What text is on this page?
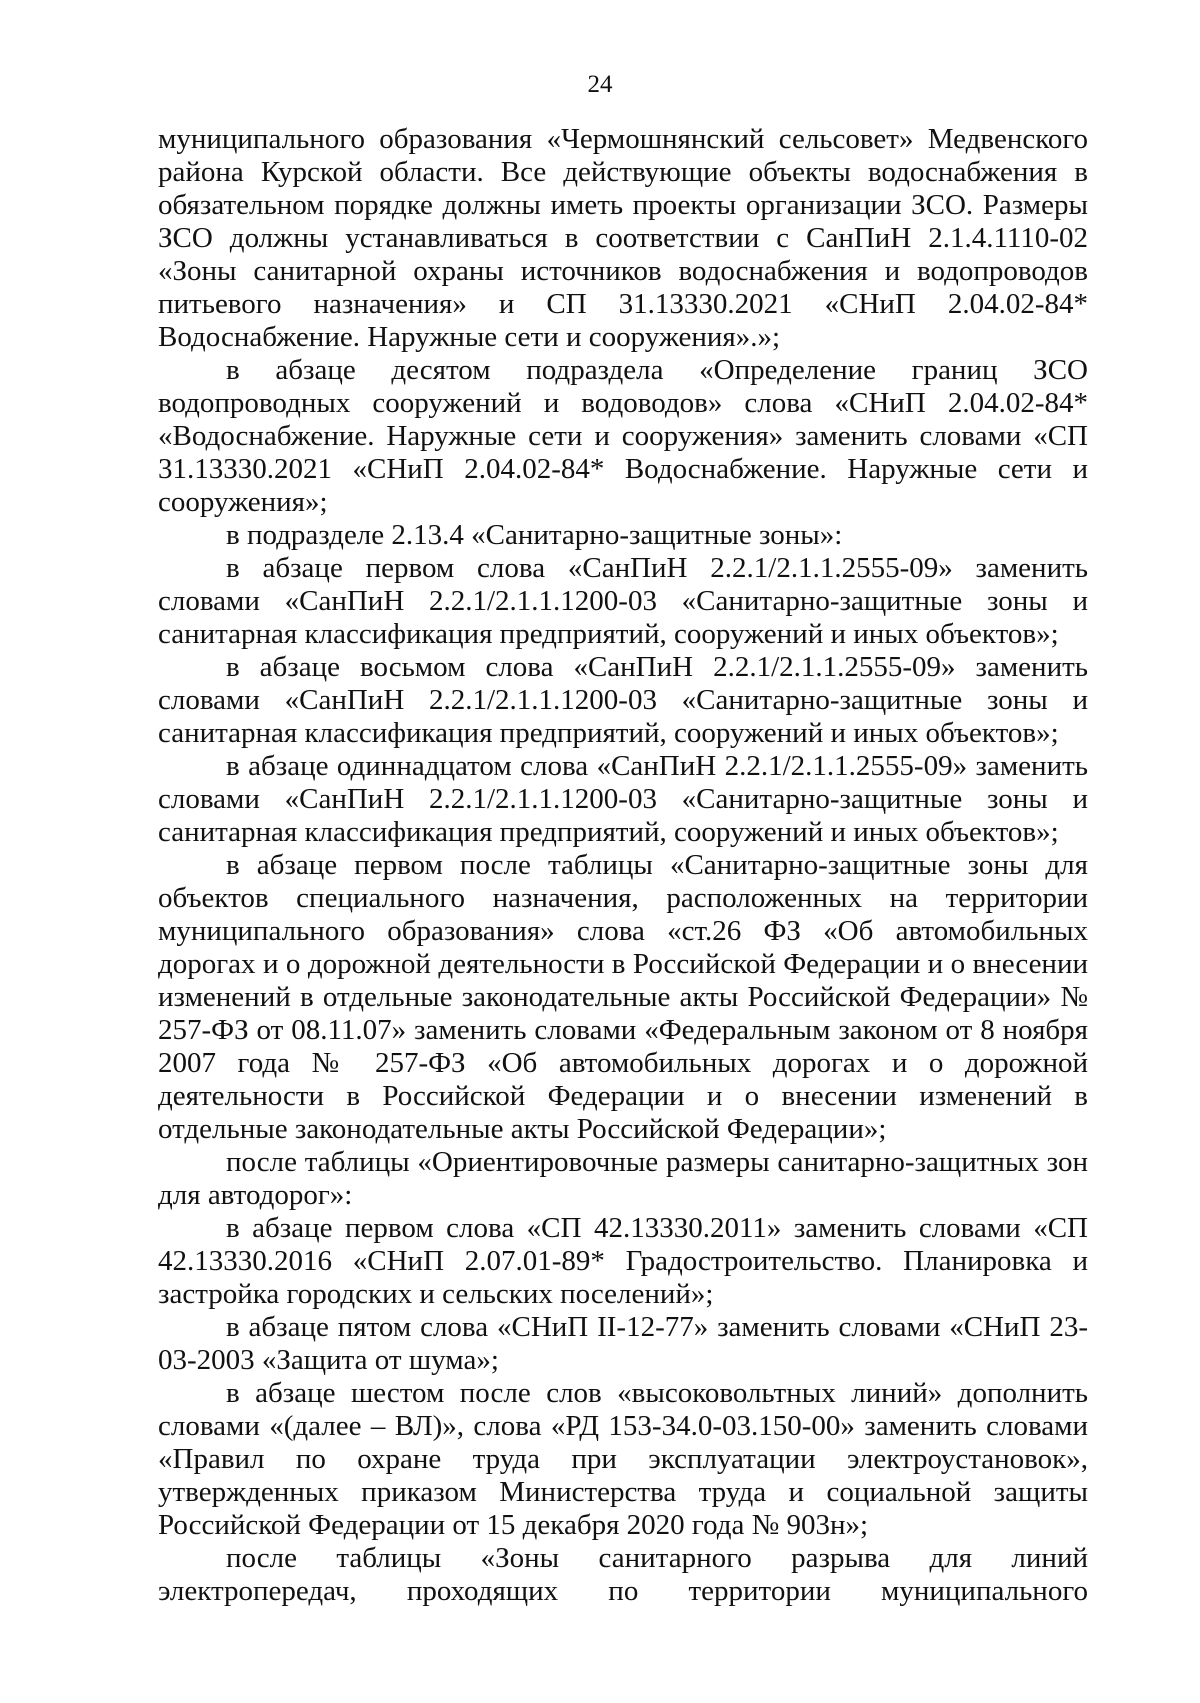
24

муниципального образования «Чермошнянский сельсовет» Медвенского района Курской области. Все действующие объекты водоснабжения в обязательном порядке должны иметь проекты организации ЗСО. Размеры ЗСО должны устанавливаться в соответствии с СанПиН 2.1.4.1110-02 «Зоны санитарной охраны источников водоснабжения и водопроводов питьевого назначения» и СП 31.13330.2021 «СНиП 2.04.02-84* Водоснабжение. Наружные сети и сооружения».»;

в абзаце десятом подраздела «Определение границ ЗСО водопроводных сооружений и водоводов» слова «СНиП 2.04.02-84* «Водоснабжение. Наружные сети и сооружения» заменить словами «СП 31.13330.2021 «СНиП 2.04.02-84* Водоснабжение. Наружные сети и сооружения»;

в подразделе 2.13.4 «Санитарно-защитные зоны»:

в абзаце первом слова «СанПиН 2.2.1/2.1.1.2555-09» заменить словами «СанПиН 2.2.1/2.1.1.1200-03 «Санитарно-защитные зоны и санитарная классификация предприятий, сооружений и иных объектов»;

в абзаце восьмом слова «СанПиН 2.2.1/2.1.1.2555-09» заменить словами «СанПиН 2.2.1/2.1.1.1200-03 «Санитарно-защитные зоны и санитарная классификация предприятий, сооружений и иных объектов»;

в абзаце одиннадцатом слова «СанПиН 2.2.1/2.1.1.2555-09» заменить словами «СанПиН 2.2.1/2.1.1.1200-03 «Санитарно-защитные зоны и санитарная классификация предприятий, сооружений и иных объектов»;

в абзаце первом после таблицы «Санитарно-защитные зоны для объектов специального назначения, расположенных на территории муниципального образования» слова «ст.26 ФЗ «Об автомобильных дорогах и о дорожной деятельности в Российской Федерации и о внесении изменений в отдельные законодательные акты Российской Федерации» № 257-ФЗ от 08.11.07» заменить словами «Федеральным законом от 8 ноября 2007 года № 257-ФЗ «Об автомобильных дорогах и о дорожной деятельности в Российской Федерации и о внесении изменений в отдельные законодательные акты Российской Федерации»;

после таблицы «Ориентировочные размеры санитарно-защитных зон для автодорог»:

в абзаце первом слова «СП 42.13330.2011» заменить словами «СП 42.13330.2016 «СНиП 2.07.01-89* Градостроительство. Планировка и застройка городских и сельских поселений»;

в абзаце пятом слова «СНиП II-12-77» заменить словами «СНиП 23-03-2003 «Защита от шума»;

в абзаце шестом после слов «высоковольтных линий» дополнить словами «(далее – ВЛ)», слова «РД 153-34.0-03.150-00» заменить словами «Правил по охране труда при эксплуатации электроустановок», утвержденных приказом Министерства труда и социальной защиты Российской Федерации от 15 декабря 2020 года № 903н»;

после таблицы «Зоны санитарного разрыва для линий электропередач, проходящих по территории муниципального
